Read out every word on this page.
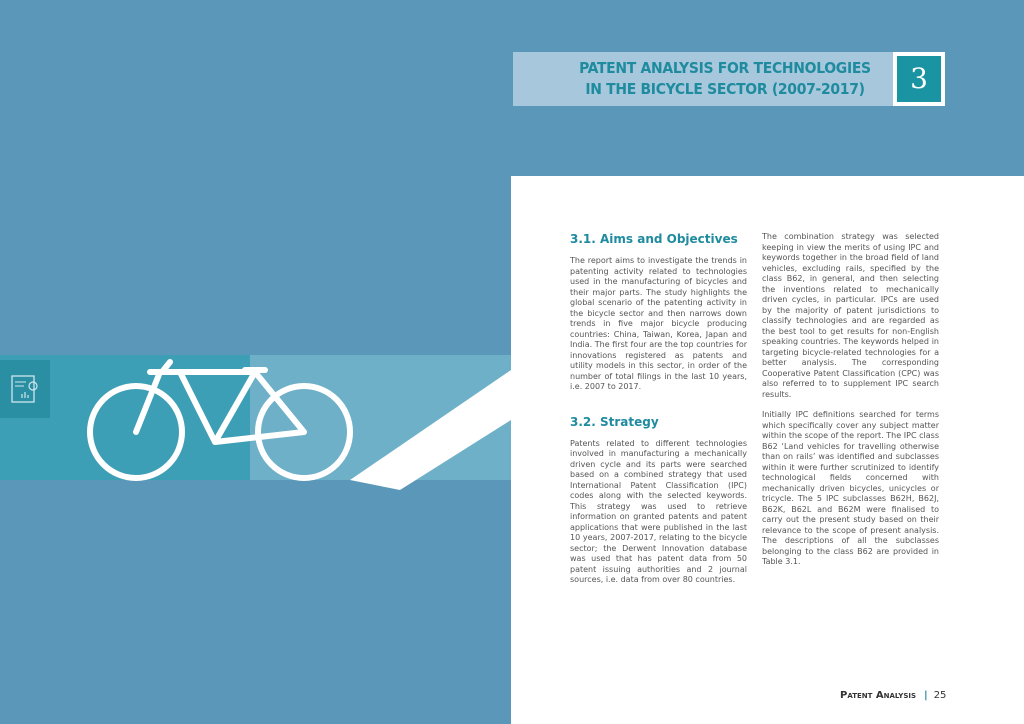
PATENT ANALYSIS FOR TECHNOLOGIES
IN THE BICYCLE SECTOR (2007-2017)	3
3.1. Aims and Objectives

The report aims to investigate the trends in patenting activity related to technologies used in the manufacturing of bicycles and their major parts. The study highlights the global scenario of the patenting activity in the bicycle sector and then narrows down trends in five major bicycle producing countries: China, Taiwan, Korea, Japan and India. The first four are the top countries for innovations registered as patents and utility models in this sector, in order of the number of total filings in the last 10 years, i.e. 2007 to 2017.

3.2. Strategy

Patents related to different technologies involved in manufacturing a mechanically driven cycle and its parts were searched based on a combined strategy that used International Patent Classification (IPC) codes along with the selected keywords. This strategy was used to retrieve information on granted patents and patent applications that were published in the last 10 years, 2007-2017, relating to the bicycle sector; the Derwent Innovation database was used that has patent data from 50 patent issuing authorities and 2 journal sources, i.e. data from over 80 countries.

The combination strategy was selected keeping in view the merits of using IPC and keywords together in the broad field of land vehicles, excluding rails, specified by the class B62, in general, and then selecting the inventions related to mechanically driven cycles, in particular. IPCs are used by the majority of patent jurisdictions to classify technologies and are regarded as the best tool to get results for non-English speaking countries. The keywords helped in targeting bicycle-related technologies for a better analysis. The corresponding Cooperative Patent Classification (CPC) was also referred to to supplement IPC search results.

Initially IPC definitions searched for terms which specifically cover any subject matter within the scope of the report. The IPC class B62 ‘Land vehicles for travelling otherwise than on rails’ was identified and subclasses within it were further scrutinized to identify technological fields concerned with mechanically driven bicycles, unicycles or tricycle. The 5 IPC subclasses B62H, B62J, B62K, B62L and B62M were finalised to carry out the present study based on their relevance to the scope of present analysis. The descriptions of all the subclasses belonging to the class B62 are provided in Table 3.1.

Patent Analysis | 25
